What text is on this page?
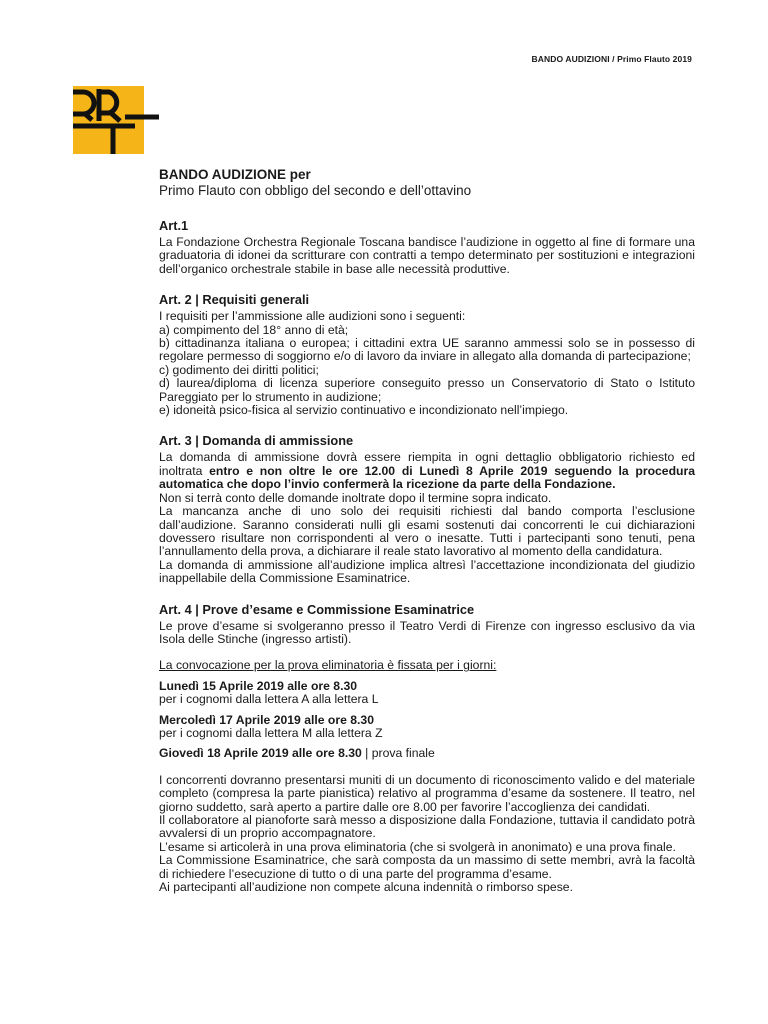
BANDO AUDIZIONI / Primo Flauto 2019
BANDO AUDIZIONE per
Primo Flauto con obbligo del secondo e dell’ottavino
Art.1
La Fondazione Orchestra Regionale Toscana bandisce l’audizione in oggetto al fine di formare una graduatoria di idonei da scritturare con contratti a tempo determinato per sostituzioni e integrazioni dell’organico orchestrale stabile in base alle necessità produttive.
Art. 2 | Requisiti generali
I requisiti per l’ammissione alle audizioni sono i seguenti:
a) compimento del 18° anno di età;
b) cittadinanza italiana o europea; i cittadini extra UE saranno ammessi solo se in possesso di regolare permesso di soggiorno e/o di lavoro da inviare in allegato alla domanda di partecipazione;
c) godimento dei diritti politici;
d) laurea/diploma di licenza superiore conseguito presso un Conservatorio di Stato o Istituto Pareggiato per lo strumento in audizione;
e) idoneità psico-fisica al servizio continuativo e incondizionato nell’impiego.
Art. 3 | Domanda di ammissione
La domanda di ammissione dovrà essere riempita in ogni dettaglio obbligatorio richiesto ed inoltrata entro e non oltre le ore 12.00 di Lunedì 8 Aprile 2019 seguendo la procedura automatica che dopo l’invio confermerà la ricezione da parte della Fondazione.
Non si terrà conto delle domande inoltrate dopo il termine sopra indicato.
La mancanza anche di uno solo dei requisiti richiesti dal bando comporta l’esclusione dall’audizione. Saranno considerati nulli gli esami sostenuti dai concorrenti le cui dichiarazioni dovessero risultare non corrispondenti al vero o inesatte. Tutti i partecipanti sono tenuti, pena l’annullamento della prova, a dichiarare il reale stato lavorativo al momento della candidatura.
La domanda di ammissione all’audizione implica altresì l’accettazione incondizionata del giudizio inappellabile della Commissione Esaminatrice.
Art. 4 | Prove d’esame e Commissione Esaminatrice
Le prove d’esame si svolgeranno presso il Teatro Verdi di Firenze con ingresso esclusivo da via Isola delle Stinche (ingresso artisti).
La convocazione per la prova eliminatoria è fissata per i giorni:
Lunedì 15 Aprile 2019 alle ore 8.30
per i cognomi dalla lettera A alla lettera L
Mercoledì 17 Aprile 2019 alle ore 8.30
per i cognomi dalla lettera M alla lettera Z
Giovedì 18 Aprile 2019 alle ore 8.30 | prova finale
I concorrenti dovranno presentarsi muniti di un documento di riconoscimento valido e del materiale completo (compresa la parte pianistica) relativo al programma d’esame da sostenere. Il teatro, nel giorno suddetto, sarà aperto a partire dalle ore 8.00 per favorire l’accoglienza dei candidati.
Il collaboratore al pianoforte sarà messo a disposizione dalla Fondazione, tuttavia il candidato potrà avvalersi di un proprio accompagnatore.
L’esame si articolerà in una prova eliminatoria (che si svolgerà in anonimato) e una prova finale.
La Commissione Esaminatrice, che sarà composta da un massimo di sette membri, avrà la facoltà di richiedere l’esecuzione di tutto o di una parte del programma d’esame.
Ai partecipanti all’audizione non compete alcuna indennità o rimborso spese.
